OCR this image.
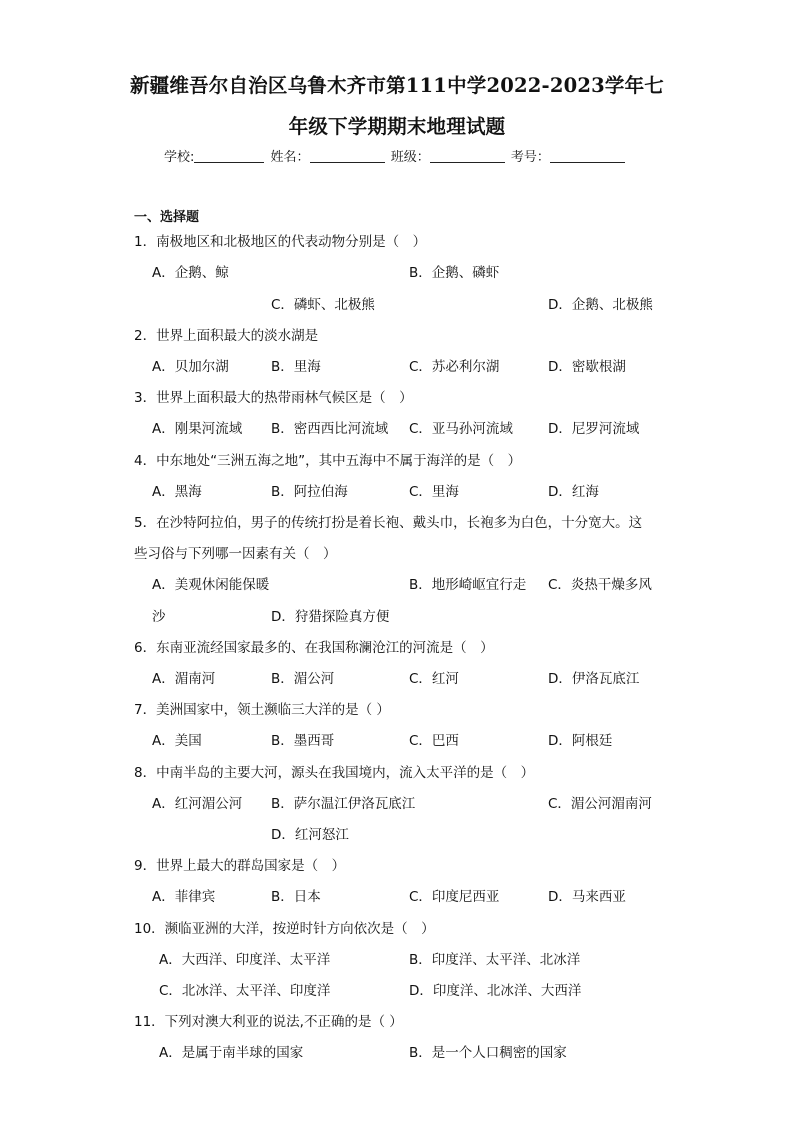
新疆维吾尔自治区乌鲁木齐市第111中学2022-2023学年七
年级下学期期末地理试题
学校:	姓名：	班级：	考号：
一、选择题
1．南极地区和北极地区的代表动物分别是（　）
A．企鹅、鲸	B．企鹅、磷虾
C．磷虾、北极熊	D．企鹅、北极熊
2．世界上面积最大的淡水湖是
A．贝加尔湖	B．里海	C．苏必利尔湖	D．密歇根湖
3．世界上面积最大的热带雨林气候区是（　）
A．刚果河流域 B．密西西比河流域 C．亚马孙河流域	D．尼罗河流域
4．中东地处“三洲五海之地”，其中五海中不属于海洋的是（　）
A．黑海	B．阿拉伯海	C．里海	D．红海
5．在沙特阿拉伯，男子的传统打扮是着长袍、戴头巾，长袍多为白色，十分宽大。这
些习俗与下列哪一因素有关（　）
A．美观休闲能保暖	B．地形崎岖宜行走 C．炎热干燥多风
沙	D．狩猎探险真方便
6．东南亚流经国家最多的、在我国称澜沧江的河流是（　）
A．湄南河	B．湄公河	C．红河	D．伊洛瓦底江
7．美洲国家中，领土濒临三大洋的是（ ）
A．美国	B．墨西哥	C．巴西	D．阿根廷
8．中南半岛的主要大河，源头在我国境内，流入太平洋的是（　）
A．红河湄公河 B．萨尔温江伊洛瓦底江	C．湄公河湄南河
D．红河怒江
9．世界上最大的群岛国家是（　）
A．菲律宾	B．日本	C．印度尼西亚	D．马来西亚
10．濒临亚洲的大洋，按逆时针方向依次是（　）
A．大西洋、印度洋、太平洋	B．印度洋、太平洋、北冰洋
C．北冰洋、太平洋、印度洋	D．印度洋、北冰洋、大西洋
11．下列对澳大利亚的说法,不正确的是（ ）
A．是属于南半球的国家	B．是一个人口稠密的国家
